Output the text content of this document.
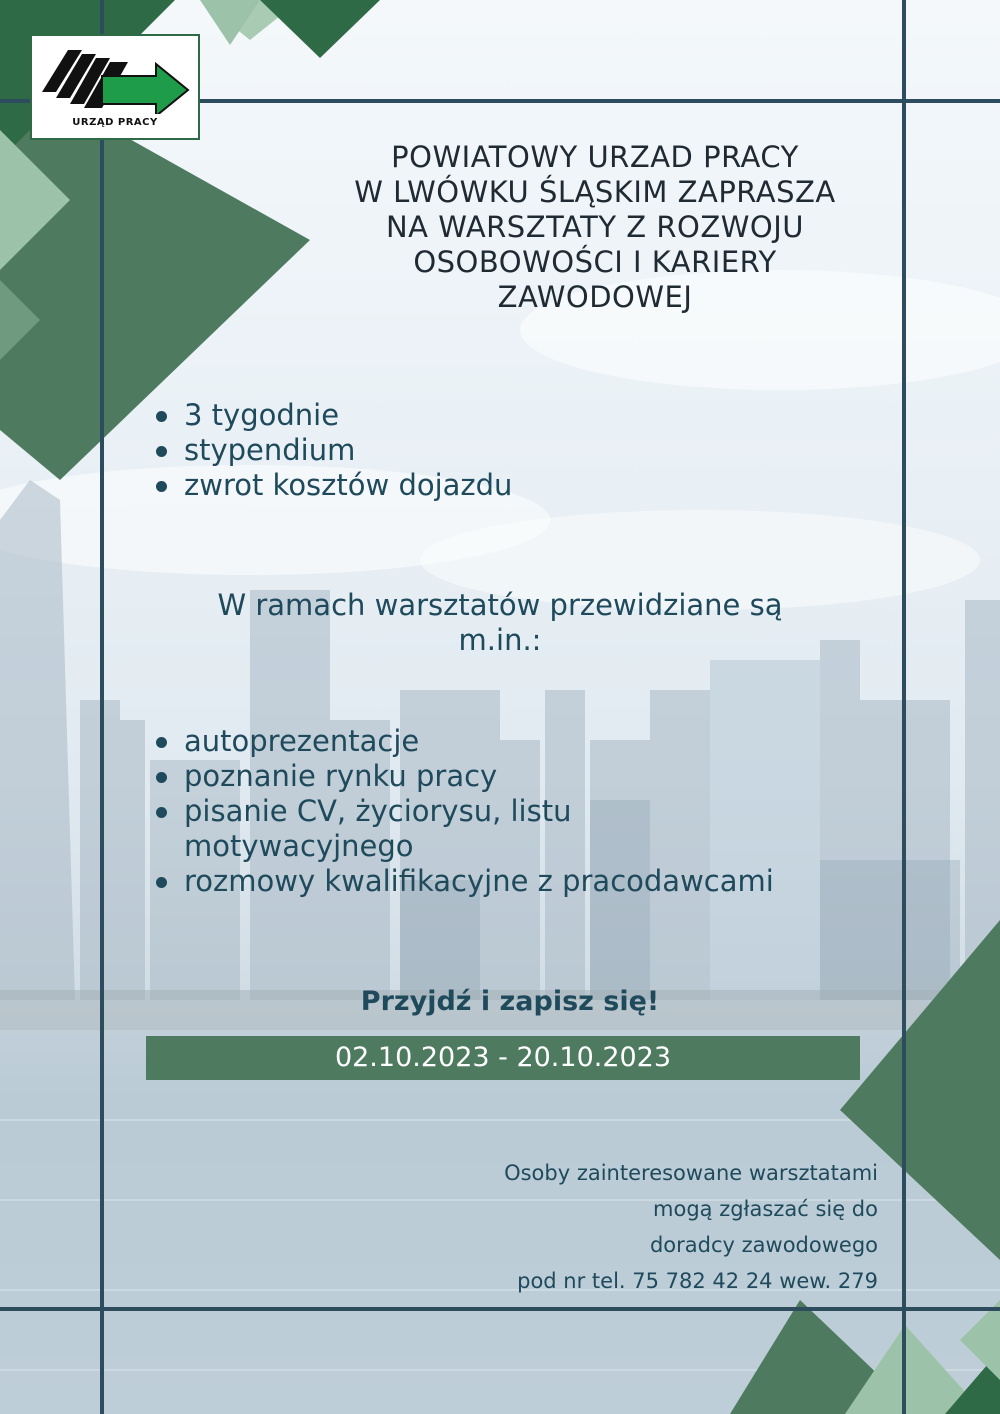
URZĄD PRACY
POWIATOWY URZAD PRACY
W LWÓWKU ŚLĄSKIM ZAPRASZA
NA WARSZTATY Z ROZWOJU
OSOBOWOŚCI I KARIERY
ZAWODOWEJ
3 tygodnie
stypendium
zwrot kosztów dojazdu
W ramach warsztatów przewidziane są m.in.:
autoprezentacje
poznanie rynku pracy
pisanie CV, życiorysu, listu motywacyjnego
rozmowy kwalifikacyjne z pracodawcami
Przyjdź i zapisz się!
02.10.2023 - 20.10.2023
Osoby zainteresowane warsztatami
mogą zgłaszać się do
doradcy zawodowego
pod nr tel. 75 782 42 24 wew. 279
